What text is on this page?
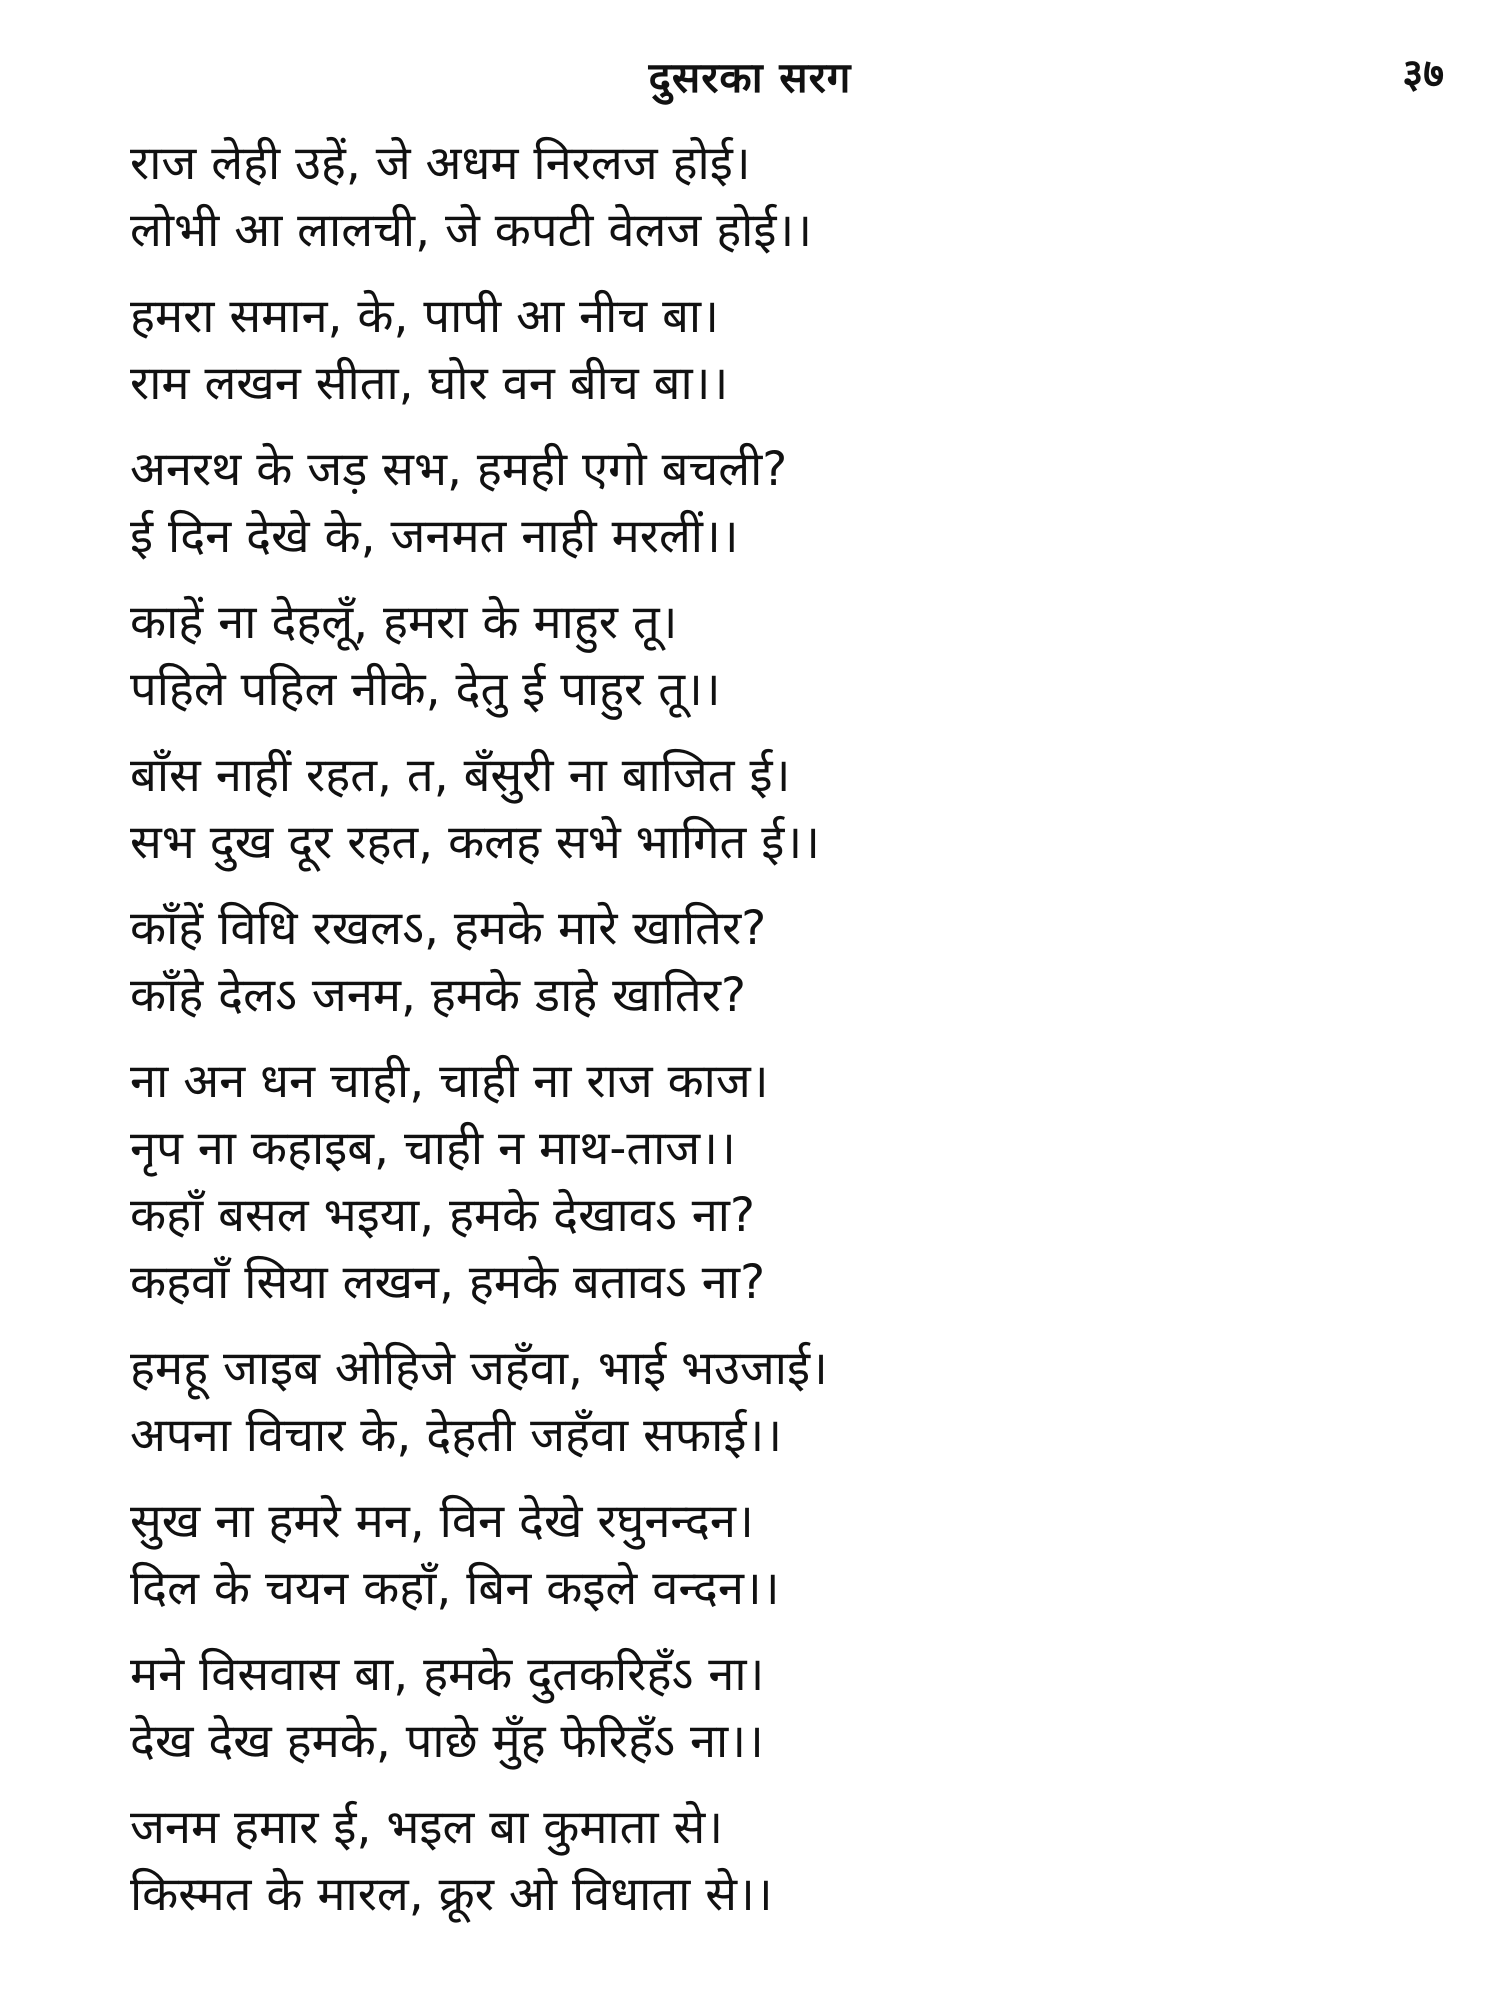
दुसरका सरग	३७
राज लेही उहें, जे अधम निरलज होई।
लोभी आ लालची, जे कपटी वेलज होई।।
हमरा समान, के, पापी आ नीच बा।
राम लखन सीता, घोर वन बीच बा।।
अनरथ के जड़ सभ, हमही एगो बचली?
ई दिन देखे के, जनमत नाही मरलीं।।
काहें ना देहलूँ, हमरा के माहुर तू।
पहिले पहिल नीके, देतु ई पाहुर तू।।
बाँस नाहीं रहत, त, बँसुरी ना बाजित ई।
सभ दुख दूर रहत, कलह सभे भागित ई।।
काँहें विधि रखलऽ, हमके मारे खातिर?
काँहे देलऽ जनम, हमके डाहे खातिर?
ना अन धन चाही, चाही ना राज काज।
नृप ना कहाइब, चाही न माथ-ताज।।
कहाँ बसल भइया, हमके देखावऽ ना?
कहवाँ सिया लखन, हमके बतावऽ ना?
हमहू जाइब ओहिजे जहँवा, भाई भउजाई।
अपना विचार के, देहती जहँवा सफाई।।
सुख ना हमरे मन, विन देखे रघुनन्दन।
दिल के चयन कहाँ, बिन कइले वन्दन।।
मने विसवास बा, हमके दुतकरिहँऽ ना।
देख देख हमके, पाछे मुँह फेरिहँऽ ना।।
जनम हमार ई, भइल बा कुमाता से।
किस्मत के मारल, क्रूर ओ विधाता से।।
